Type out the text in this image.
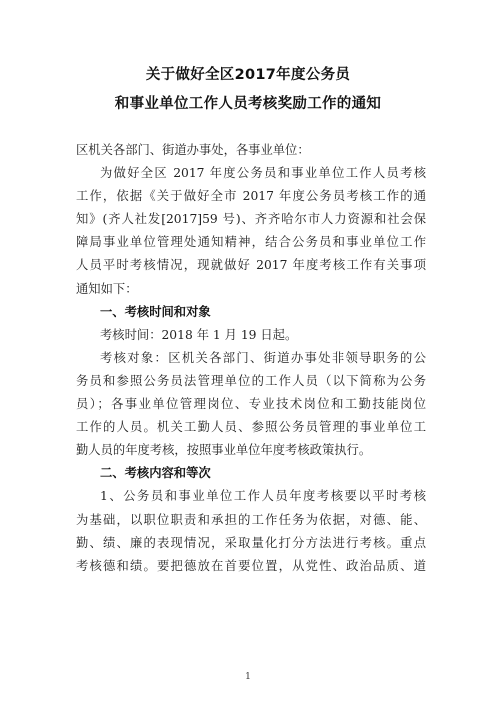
关于做好全区2017年度公务员
和事业单位工作人员考核奖励工作的通知
区机关各部门、街道办事处，各事业单位：
为做好全区 2017 年度公务员和事业单位工作人员考核
工作，依据《关于做好全市 2017 年度公务员考核工作的通
知》(齐人社发[2017]59 号)、齐齐哈尔市人力资源和社会保
障局事业单位管理处通知精神，结合公务员和事业单位工作
人员平时考核情况，现就做好 2017 年度考核工作有关事项
通知如下：
一、考核时间和对象
考核时间：2018 年 1 月 19 日起。
考核对象：区机关各部门、街道办事处非领导职务的公
务员和参照公务员法管理单位的工作人员（以下简称为公务
员）；各事业单位管理岗位、专业技术岗位和工勤技能岗位
工作的人员。机关工勤人员、参照公务员管理的事业单位工
勤人员的年度考核，按照事业单位年度考核政策执行。
二、考核内容和等次
1、公务员和事业单位工作人员年度考核要以平时考核
为基础，以职位职责和承担的工作任务为依据，对德、能、
勤、绩、廉的表现情况，采取量化打分方法进行考核。重点
考核德和绩。要把德放在首要位置，从党性、政治品质、道
1
